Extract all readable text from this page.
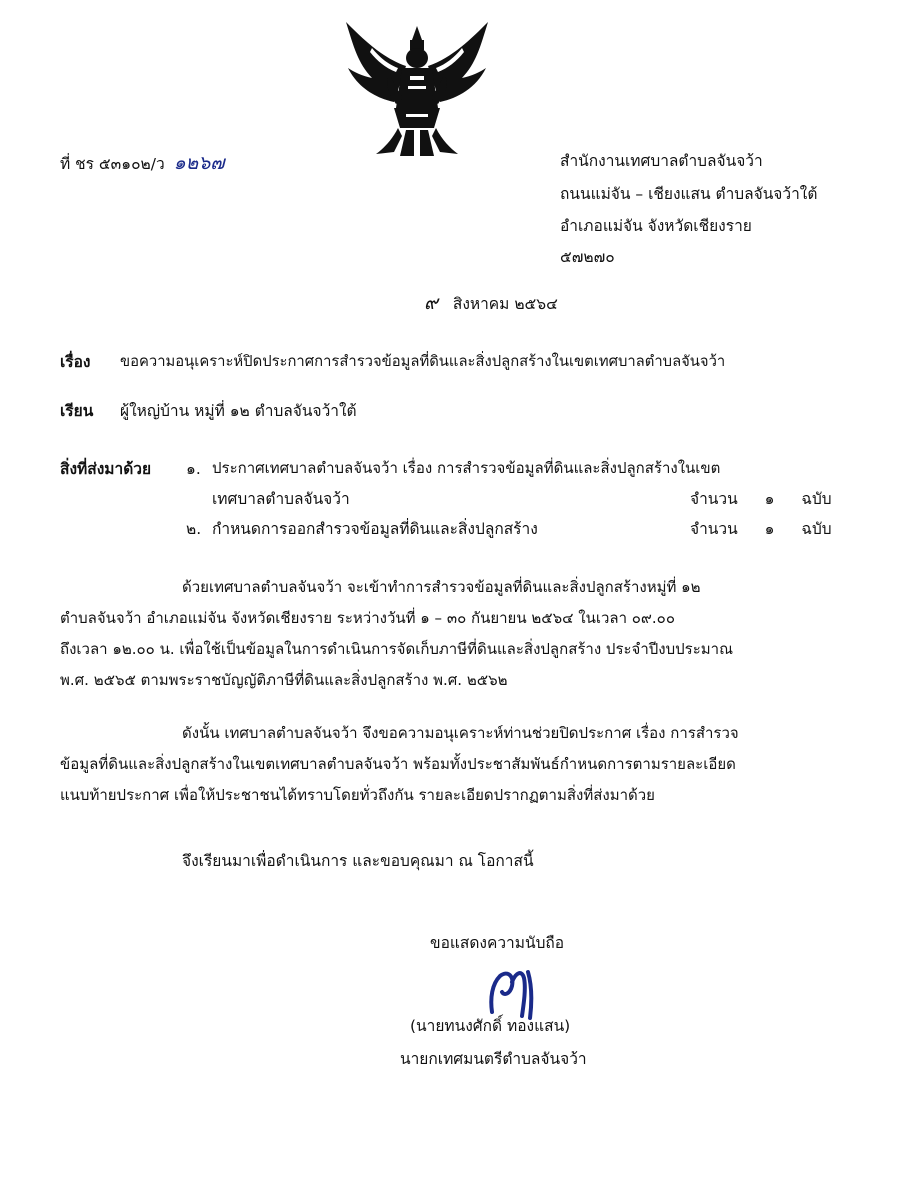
ที่ ชร ๕๓๑๐๒/ว ๑๒๖๗	สำนักงานเทศบาลตำบลจันจว้า
ถนนแม่จัน – เชียงแสน ตำบลจันจว้าใต้
อำเภอแม่จัน จังหวัดเชียงราย
๕๗๒๗๐
๙ สิงหาคม ๒๕๖๔
เรื่อง ขอความอนุเคราะห์ปิดประกาศการสำรวจข้อมูลที่ดินและสิ่งปลูกสร้างในเขตเทศบาลตำบลจันจว้า
เรียน ผู้ใหญ่บ้าน หมู่ที่ ๑๒ ตำบลจันจว้าใต้
สิ่งที่ส่งมาด้วย ๑. ประกาศเทศบาลตำบลจันจว้า เรื่อง การสำรวจข้อมูลที่ดินและสิ่งปลูกสร้างในเขต
เทศบาลตำบลจันจว้า	จำนวน ๑ ฉบับ
๒. กำหนดการออกสำรวจข้อมูลที่ดินและสิ่งปลูกสร้าง	จำนวน ๑ ฉบับ
ด้วยเทศบาลตำบลจันจว้า จะเข้าทำการสำรวจข้อมูลที่ดินและสิ่งปลูกสร้างหมู่ที่ ๑๒
ตำบลจันจว้า อำเภอแม่จัน จังหวัดเชียงราย ระหว่างวันที่ ๑ – ๓๐ กันยายน ๒๕๖๔ ในเวลา ๐๙.๐๐
ถึงเวลา ๑๒.๐๐ น. เพื่อใช้เป็นข้อมูลในการดำเนินการจัดเก็บภาษีที่ดินและสิ่งปลูกสร้าง ประจำปีงบประมาณ
พ.ศ. ๒๕๖๕ ตามพระราชบัญญัติภาษีที่ดินและสิ่งปลูกสร้าง พ.ศ. ๒๕๖๒
ดังนั้น เทศบาลตำบลจันจว้า จึงขอความอนุเคราะห์ท่านช่วยปิดประกาศ เรื่อง การสำรวจ
ข้อมูลที่ดินและสิ่งปลูกสร้างในเขตเทศบาลตำบลจันจว้า พร้อมทั้งประชาสัมพันธ์กำหนดการตามรายละเอียด
แนบท้ายประกาศ เพื่อให้ประชาชนได้ทราบโดยทั่วถึงกัน รายละเอียดปรากฏตามสิ่งที่ส่งมาด้วย
จึงเรียนมาเพื่อดำเนินการ และขอบคุณมา ณ โอกาสนี้
ขอแสดงความนับถือ
(นายทนงศักดิ์ ทองแสน)
นายกเทศมนตรีตำบลจันจว้า
